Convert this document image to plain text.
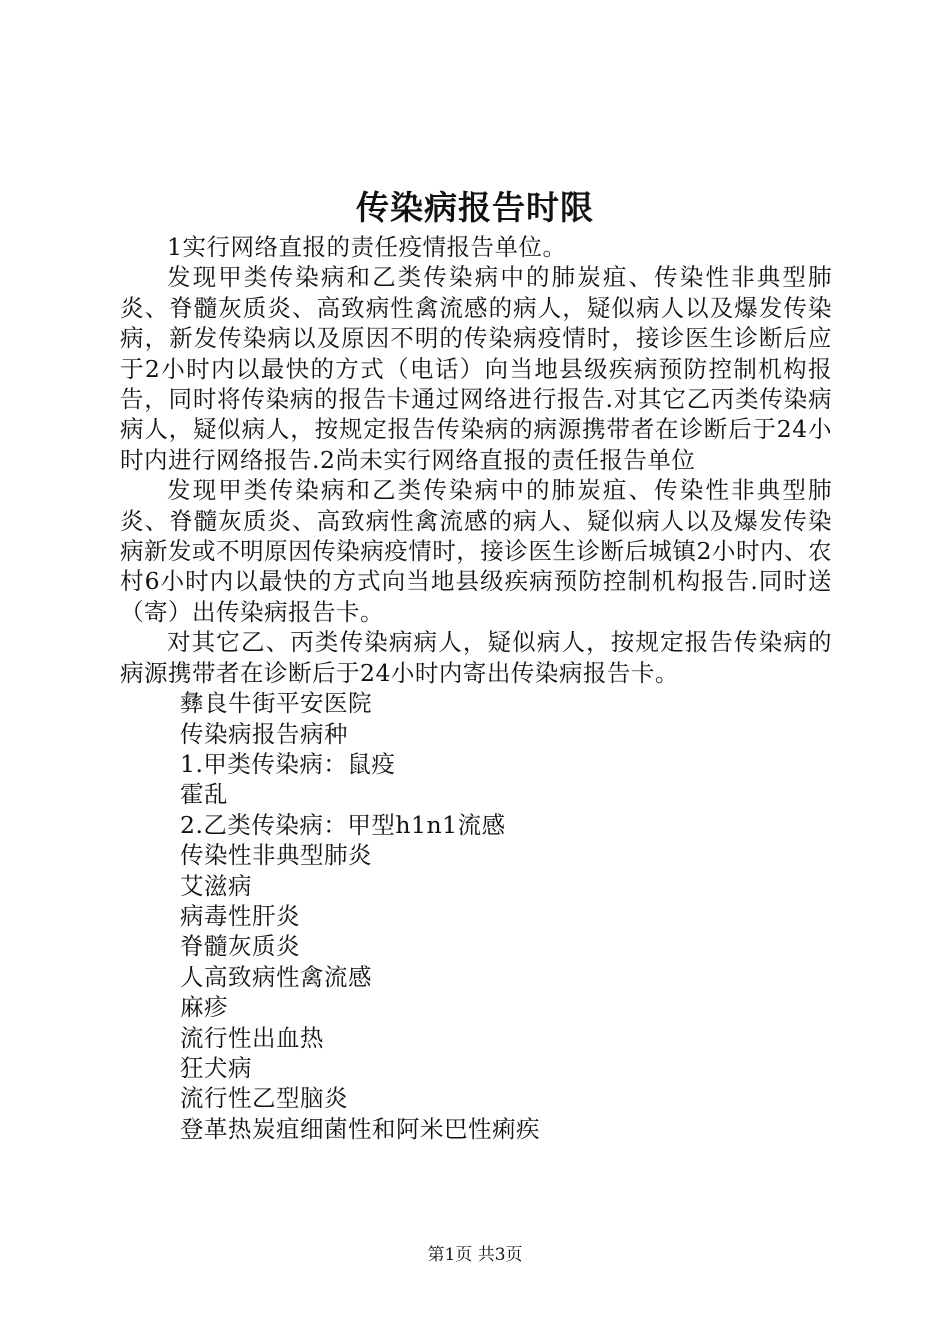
传染病报告时限

1实行网络直报的责任疫情报告单位。

发现甲类传染病和乙类传染病中的肺炭疽、传染性非典型肺炎、脊髓灰质炎、高致病性禽流感的病人，疑似病人以及爆发传染病，新发传染病以及原因不明的传染病疫情时，接诊医生诊断后应于2小时内以最快的方式（电话）向当地县级疾病预防控制机构报告，同时将传染病的报告卡通过网络进行报告.对其它乙丙类传染病病人，疑似病人，按规定报告传染病的病源携带者在诊断后于24小时内进行网络报告.2尚未实行网络直报的责任报告单位

发现甲类传染病和乙类传染病中的肺炭疽、传染性非典型肺炎、脊髓灰质炎、高致病性禽流感的病人、疑似病人以及爆发传染病新发或不明原因传染病疫情时，接诊医生诊断后城镇2小时内、农村6小时内以最快的方式向当地县级疾病预防控制机构报告.同时送（寄）出传染病报告卡。

对其它乙、丙类传染病病人，疑似病人，按规定报告传染病的病源携带者在诊断后于24小时内寄出传染病报告卡。

彝良牛街平安医院

传染病报告病种

1.甲类传染病：鼠疫

霍乱

2.乙类传染病：甲型h1n1流感

传染性非典型肺炎

艾滋病

病毒性肝炎

脊髓灰质炎

人高致病性禽流感

麻疹

流行性出血热

狂犬病

流行性乙型脑炎

登革热炭疽细菌性和阿米巴性痢疾

第1页 共3页
